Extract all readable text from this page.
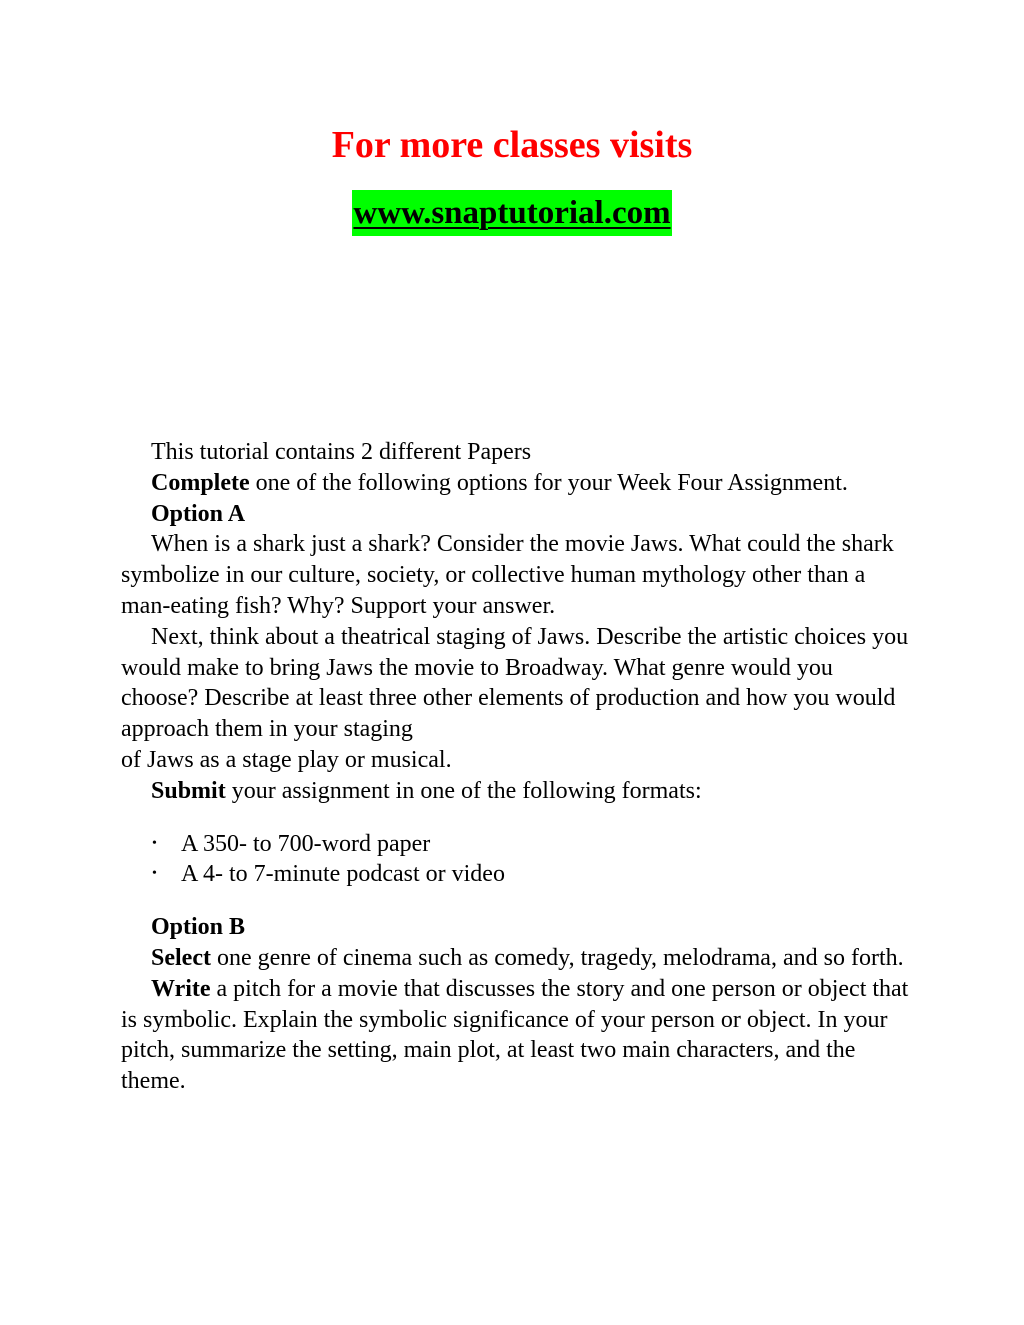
For more classes visits
www.snaptutorial.com

This tutorial contains 2 different Papers

Complete one of the following options for your Week Four Assignment.

Option A

When is a shark just a shark? Consider the movie Jaws. What could the shark symbolize in our culture, society, or collective human mythology other than a man-eating fish? Why? Support your answer.

Next, think about a theatrical staging of Jaws. Describe the artistic choices you would make to bring Jaws the movie to Broadway. What genre would you choose? Describe at least three other elements of production and how you would approach them in your staging
of Jaws as a stage play or musical.

Submit your assignment in one of the following formats:

• A 350- to 700-word paper
• A 4- to 7-minute podcast or video

Option B

Select one genre of cinema such as comedy, tragedy, melodrama, and so forth.

Write a pitch for a movie that discusses the story and one person or object that is symbolic. Explain the symbolic significance of your person or object. In your pitch, summarize the setting, main plot, at least two main characters, and the theme.
